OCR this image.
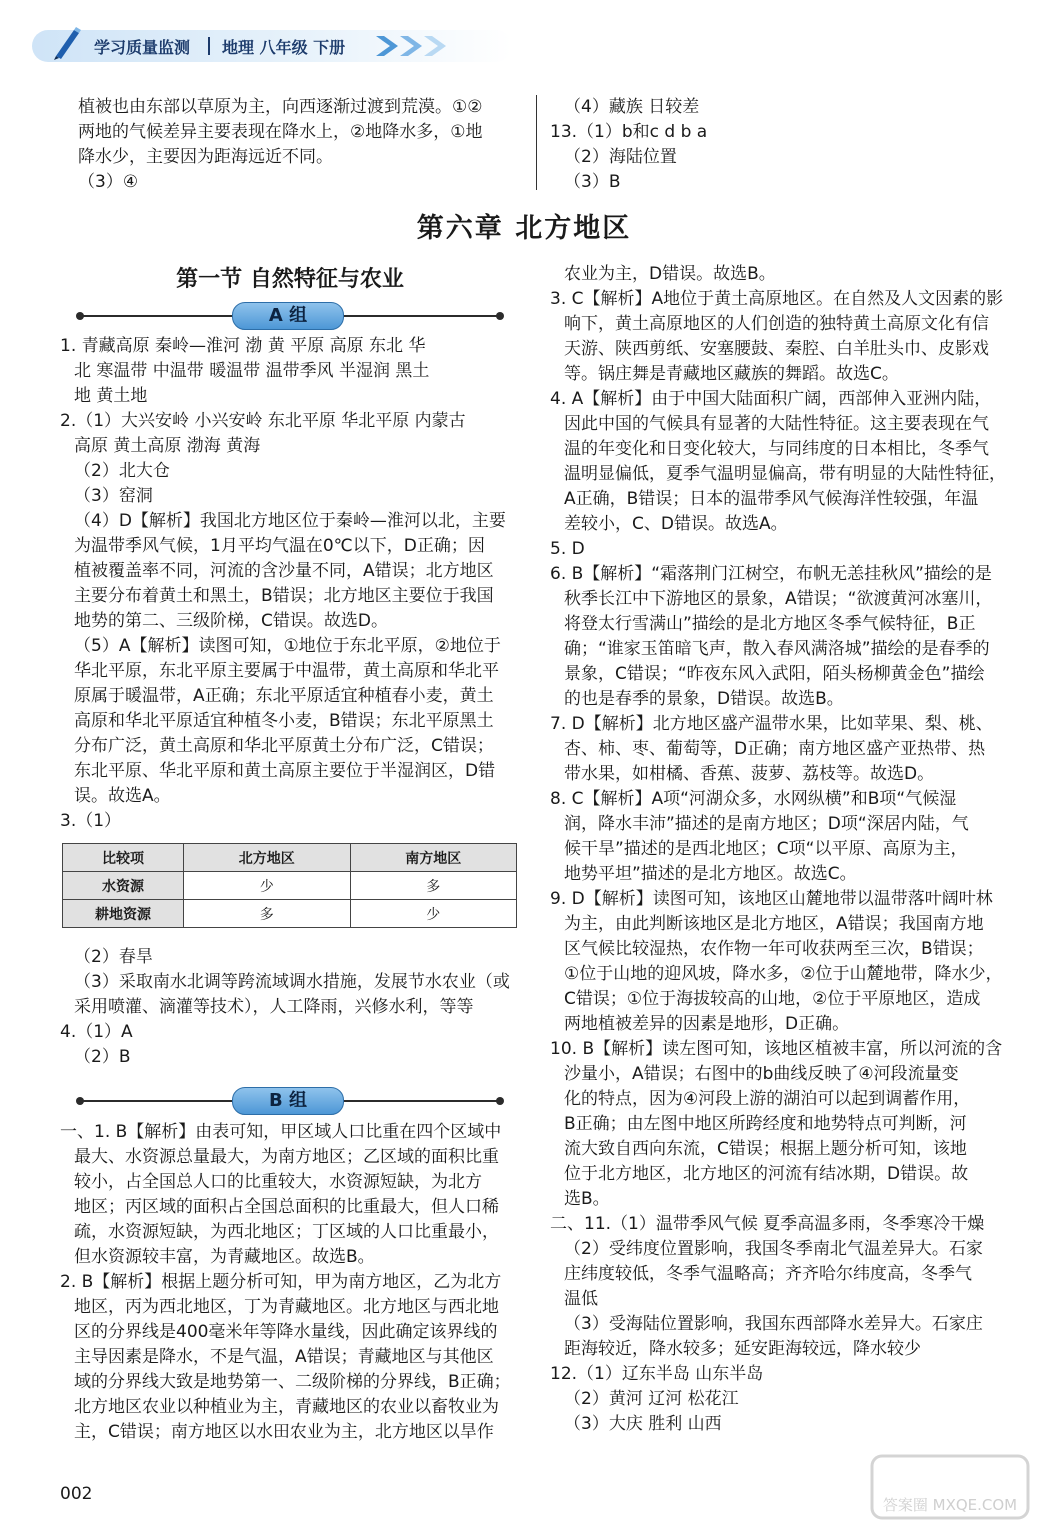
学习质量监测 地理 八年级 下册

植被也由东部以草原为主，向西逐渐过渡到荒漠。①②

两地的气候差异主要表现在降水上，②地降水多，①地

降水少，主要因为距海远近不同。

（3）④

（4）藏族 日较差

13.（1）b和c d b a

（2）海陆位置

（3）B

第六章 北方地区
第一节 自然特征与农业
A 组

1. 青藏高原 秦岭—淮河 渤 黄 平原 高原 东北 华

北 寒温带 中温带 暖温带 温带季风 半湿润 黑土

地 黄土地

2.（1）大兴安岭 小兴安岭 东北平原 华北平原 内蒙古

高原 黄土高原 渤海 黄海

（2）北大仓

（3）窑洞

（4）D【解析】我国北方地区位于秦岭—淮河以北，主要

为温带季风气候，1月平均气温在0℃以下，D正确；因

植被覆盖率不同，河流的含沙量不同，A错误；北方地区

主要分布着黄土和黑土，B错误；北方地区主要位于我国

地势的第二、三级阶梯，C错误。故选D。

（5）A【解析】读图可知，①地位于东北平原，②地位于

华北平原，东北平原主要属于中温带，黄土高原和华北平

原属于暖温带，A正确；东北平原适宜种植春小麦，黄土

高原和华北平原适宜种植冬小麦，B错误；东北平原黑土

分布广泛，黄土高原和华北平原黄土分布广泛，C错误；

东北平原、华北平原和黄土高原主要位于半湿润区，D错

误。故选A。

3.（1）

比较项	北方地区	南方地区
水资源	少	多
耕地资源	多	少

（2）春旱

（3）采取南水北调等跨流域调水措施，发展节水农业（或

采用喷灌、滴灌等技术），人工降雨，兴修水利，等等

4.（1）A

（2）B

B 组

一、1. B【解析】由表可知，甲区域人口比重在四个区域中

最大、水资源总量最大，为南方地区；乙区域的面积比重

较小，占全国总人口的比重较大，水资源短缺，为北方

地区；丙区域的面积占全国总面积的比重最大，但人口稀

疏，水资源短缺，为西北地区；丁区域的人口比重最小，

但水资源较丰富，为青藏地区。故选B。

2. B【解析】根据上题分析可知，甲为南方地区，乙为北方

地区，丙为西北地区，丁为青藏地区。北方地区与西北地

区的分界线是400毫米年等降水量线，因此确定该界线的

主导因素是降水，不是气温，A错误；青藏地区与其他区

域的分界线大致是地势第一、二级阶梯的分界线，B正确；

北方地区农业以种植业为主，青藏地区的农业以畜牧业为

主，C错误；南方地区以水田农业为主，北方地区以旱作

农业为主，D错误。故选B。

3. C【解析】A地位于黄土高原地区。在自然及人文因素的影

响下，黄土高原地区的人们创造的独特黄土高原文化有信

天游、陕西剪纸、安塞腰鼓、秦腔、白羊肚头巾、皮影戏

等。锅庄舞是青藏地区藏族的舞蹈。故选C。

4. A【解析】由于中国大陆面积广阔，西部伸入亚洲内陆，

因此中国的气候具有显著的大陆性特征。这主要表现在气

温的年变化和日变化较大，与同纬度的日本相比，冬季气

温明显偏低，夏季气温明显偏高，带有明显的大陆性特征，

A正确，B错误；日本的温带季风气候海洋性较强，年温

差较小，C、D错误。故选A。

5. D

6. B【解析】“霜落荆门江树空，布帆无恙挂秋风”描绘的是

秋季长江中下游地区的景象，A错误；“欲渡黄河冰塞川，

将登太行雪满山”描绘的是北方地区冬季气候特征，B正

确；“谁家玉笛暗飞声，散入春风满洛城”描绘的是春季的

景象，C错误；“昨夜东风入武阳，陌头杨柳黄金色”描绘

的也是春季的景象，D错误。故选B。

7. D【解析】北方地区盛产温带水果，比如苹果、梨、桃、

杏、柿、枣、葡萄等，D正确；南方地区盛产亚热带、热

带水果，如柑橘、香蕉、菠萝、荔枝等。故选D。

8. C【解析】A项“河湖众多，水网纵横”和B项“气候湿

润，降水丰沛”描述的是南方地区；D项“深居内陆，气

候干旱”描述的是西北地区；C项“以平原、高原为主，

地势平坦”描述的是北方地区。故选C。

9. D【解析】读图可知，该地区山麓地带以温带落叶阔叶林

为主，由此判断该地区是北方地区，A错误；我国南方地

区气候比较湿热，农作物一年可收获两至三次，B错误；

①位于山地的迎风坡，降水多，②位于山麓地带，降水少，

C错误；①位于海拔较高的山地，②位于平原地区，造成

两地植被差异的因素是地形，D正确。

10. B【解析】读左图可知，该地区植被丰富，所以河流的含

沙量小，A错误；右图中的b曲线反映了④河段流量变

化的特点，因为④河段上游的湖泊可以起到调蓄作用，

B正确；由左图中地区所跨经度和地势特点可判断，河

流大致自西向东流，C错误；根据上题分析可知，该地

位于北方地区，北方地区的河流有结冰期，D错误。故

选B。

二、11.（1）温带季风气候 夏季高温多雨，冬季寒冷干燥

（2）受纬度位置影响，我国冬季南北气温差异大。石家

庄纬度较低，冬季气温略高；齐齐哈尔纬度高，冬季气

温低

（3）受海陆位置影响，我国东西部降水差异大。石家庄

距海较近，降水较多；延安距海较远，降水较少

12.（1）辽东半岛 山东半岛

（2）黄河 辽河 松花江

（3）大庆 胜利 山西

002
答案圈 MXQE.COM
